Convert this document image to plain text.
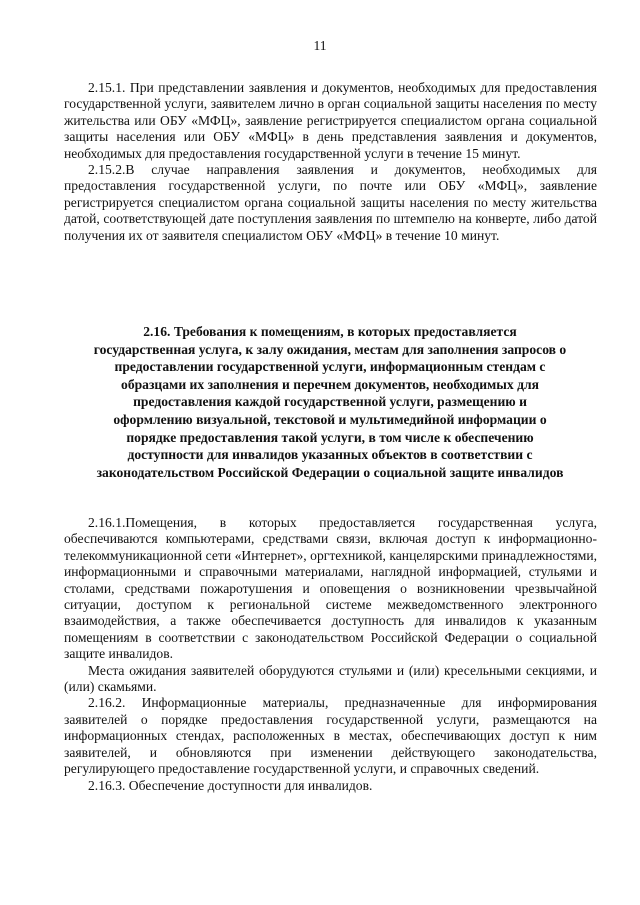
11

2.15.1. При представлении заявления и документов, необходимых для предоставления государственной услуги, заявителем лично в орган социальной защиты населения по месту жительства или ОБУ «МФЦ», заявление регистрируется специалистом органа социальной защиты населения или ОБУ «МФЦ» в день представления заявления и документов, необходимых для предоставления государственной услуги в течение 15 минут.

2.15.2.В случае направления заявления и документов, необходимых для предоставления государственной услуги, по почте или ОБУ «МФЦ», заявление регистрируется специалистом органа социальной защиты населения по месту жительства датой, соответствующей дате поступления заявления по штемпелю на конверте, либо датой получения их от заявителя специалистом ОБУ «МФЦ» в течение 10 минут.

2.16. Требования к помещениям, в которых предоставляется
государственная услуга, к залу ожидания, местам для заполнения запросов о
предоставлении государственной услуги, информационным стендам с
образцами их заполнения и перечнем документов, необходимых для
предоставления каждой государственной услуги, размещению и
оформлению визуальной, текстовой и мультимедийной информации о
порядке предоставления такой услуги, в том числе к обеспечению
доступности для инвалидов указанных объектов в соответствии с
законодательством Российской Федерации о социальной защите инвалидов

2.16.1.Помещения, в которых предоставляется государственная услуга, обеспечиваются компьютерами, средствами связи, включая доступ к информационно-телекоммуникационной сети «Интернет», оргтехникой, канцелярскими принадлежностями, информационными и справочными материалами, наглядной информацией, стульями и столами, средствами пожаротушения и оповещения о возникновении чрезвычайной ситуации, доступом к региональной системе межведомственного электронного взаимодействия, а также обеспечивается доступность для инвалидов к указанным помещениям в соответствии с законодательством Российской Федерации о социальной защите инвалидов.

Места ожидания заявителей оборудуются стульями и (или) кресельными секциями, и (или) скамьями.

2.16.2. Информационные материалы, предназначенные для информирования заявителей о порядке предоставления государственной услуги, размещаются на информационных стендах, расположенных в местах, обеспечивающих доступ к ним заявителей, и обновляются при изменении действующего законодательства, регулирующего предоставление государственной услуги, и справочных сведений.

2.16.3. Обеспечение доступности для инвалидов.
